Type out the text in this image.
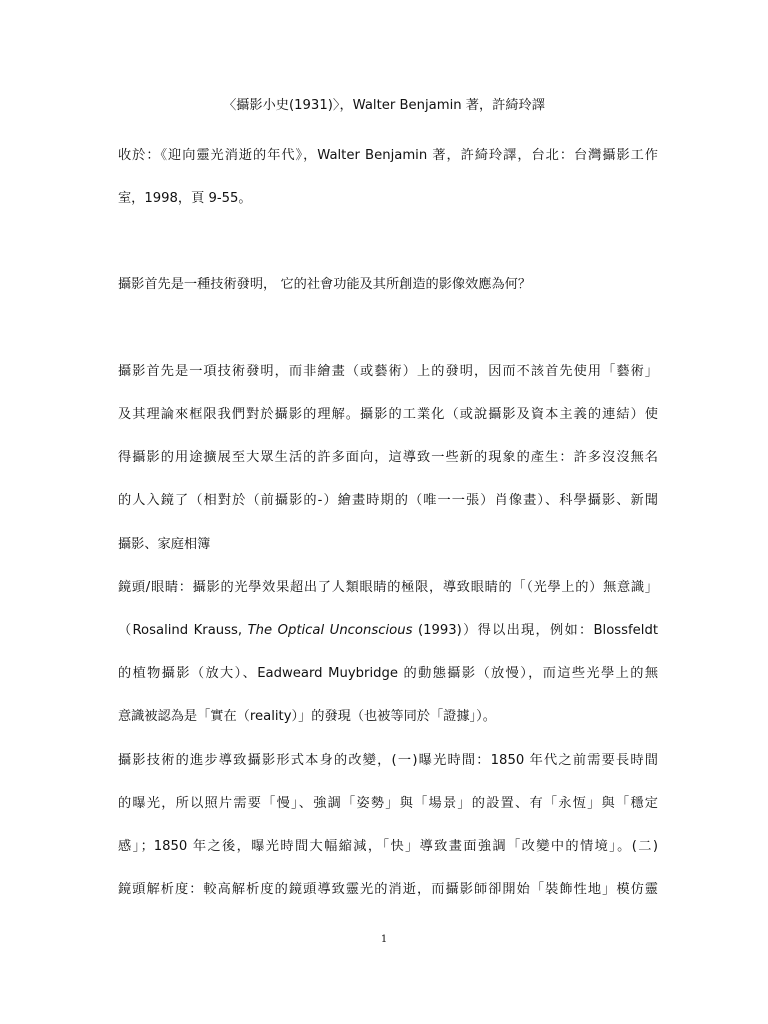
〈攝影小史(1931)〉，Walter Benjamin 著，許綺玲譯
收於：《迎向靈光消逝的年代》，Walter Benjamin 著，許綺玲譯，台北：台灣攝影工作
室，1998，頁 9-55。
攝影首先是一種技術發明， 它的社會功能及其所創造的影像效應為何？
攝影首先是一項技術發明，而非繪畫（或藝術）上的發明，因而不該首先使用「藝術」
及其理論來框限我們對於攝影的理解。攝影的工業化（或說攝影及資本主義的連結）使
得攝影的用途擴展至大眾生活的許多面向，這導致一些新的現象的產生：許多沒沒無名
的人入鏡了（相對於（前攝影的-）繪畫時期的（唯一一張）肖像畫）、科學攝影、新聞
攝影、家庭相簿
鏡頭/眼睛：攝影的光學效果超出了人類眼睛的極限，導致眼睛的「（光學上的）無意識」
（Rosalind Krauss, The Optical Unconscious (1993)）得以出現，例如：Blossfeldt
的植物攝影（放大）、Eadweard Muybridge 的動態攝影（放慢），而這些光學上的無
意識被認為是「實在（reality）」的發現（也被等同於「證據」）。
攝影技術的進步導致攝影形式本身的改變，(一)曝光時間：1850 年代之前需要長時間
的曝光，所以照片需要「慢」、強調「姿勢」與「場景」的設置、有「永恆」與「穩定
感」；1850 年之後，曝光時間大幅縮減，「快」導致畫面強調「改變中的情境」。(二)
鏡頭解析度：較高解析度的鏡頭導致靈光的消逝，而攝影師卻開始「裝飾性地」模仿靈
1
